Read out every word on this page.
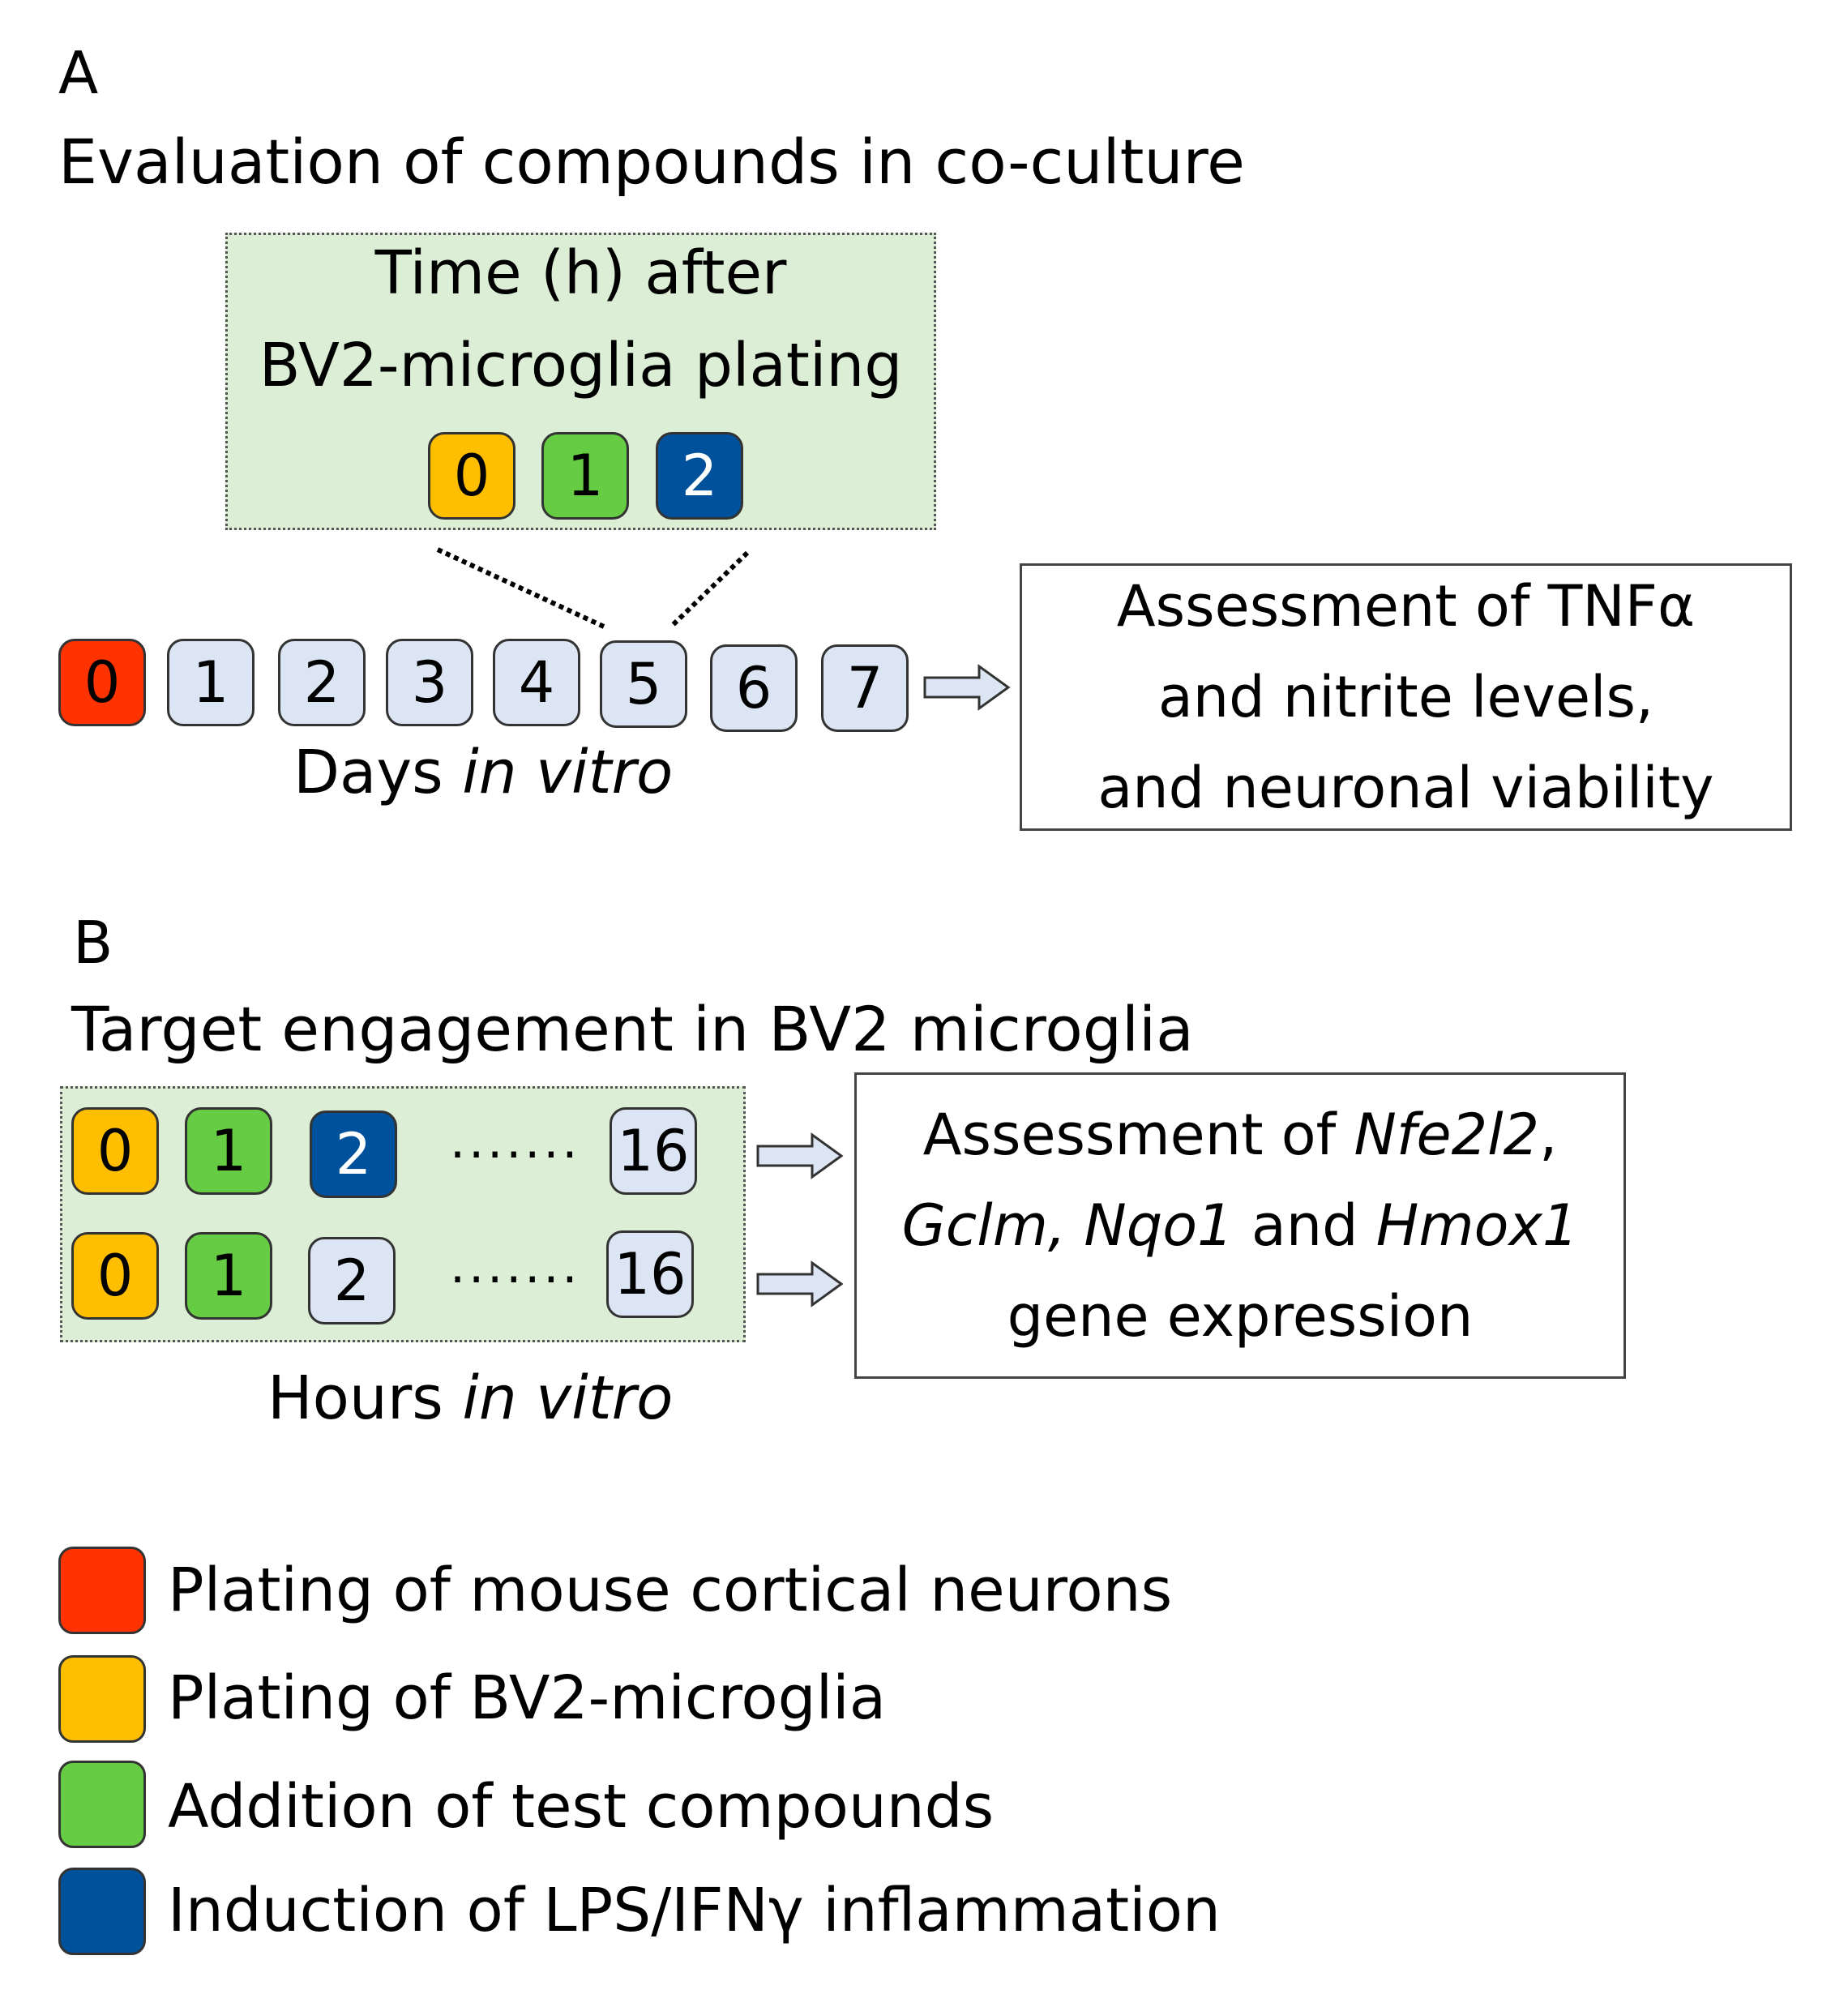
A
Evaluation of compounds in co-culture
Time (h) after
BV2-microglia plating
0	1	2
0	1	2	3	4	5	6	7
Days in vitro
Assessment of TNFα
and nitrite levels,
and neuronal viability
B
Target engagement in BV2 microglia
0	1	2	······· 16
0	1	2	······· 16
Hours in vitro
Assessment of Nfe2l2,
Gclm, Nqo1 and Hmox1
gene expression
Plating of mouse cortical neurons
Plating of BV2-microglia
Addition of test compounds
Induction of LPS/IFNγ inflammation
